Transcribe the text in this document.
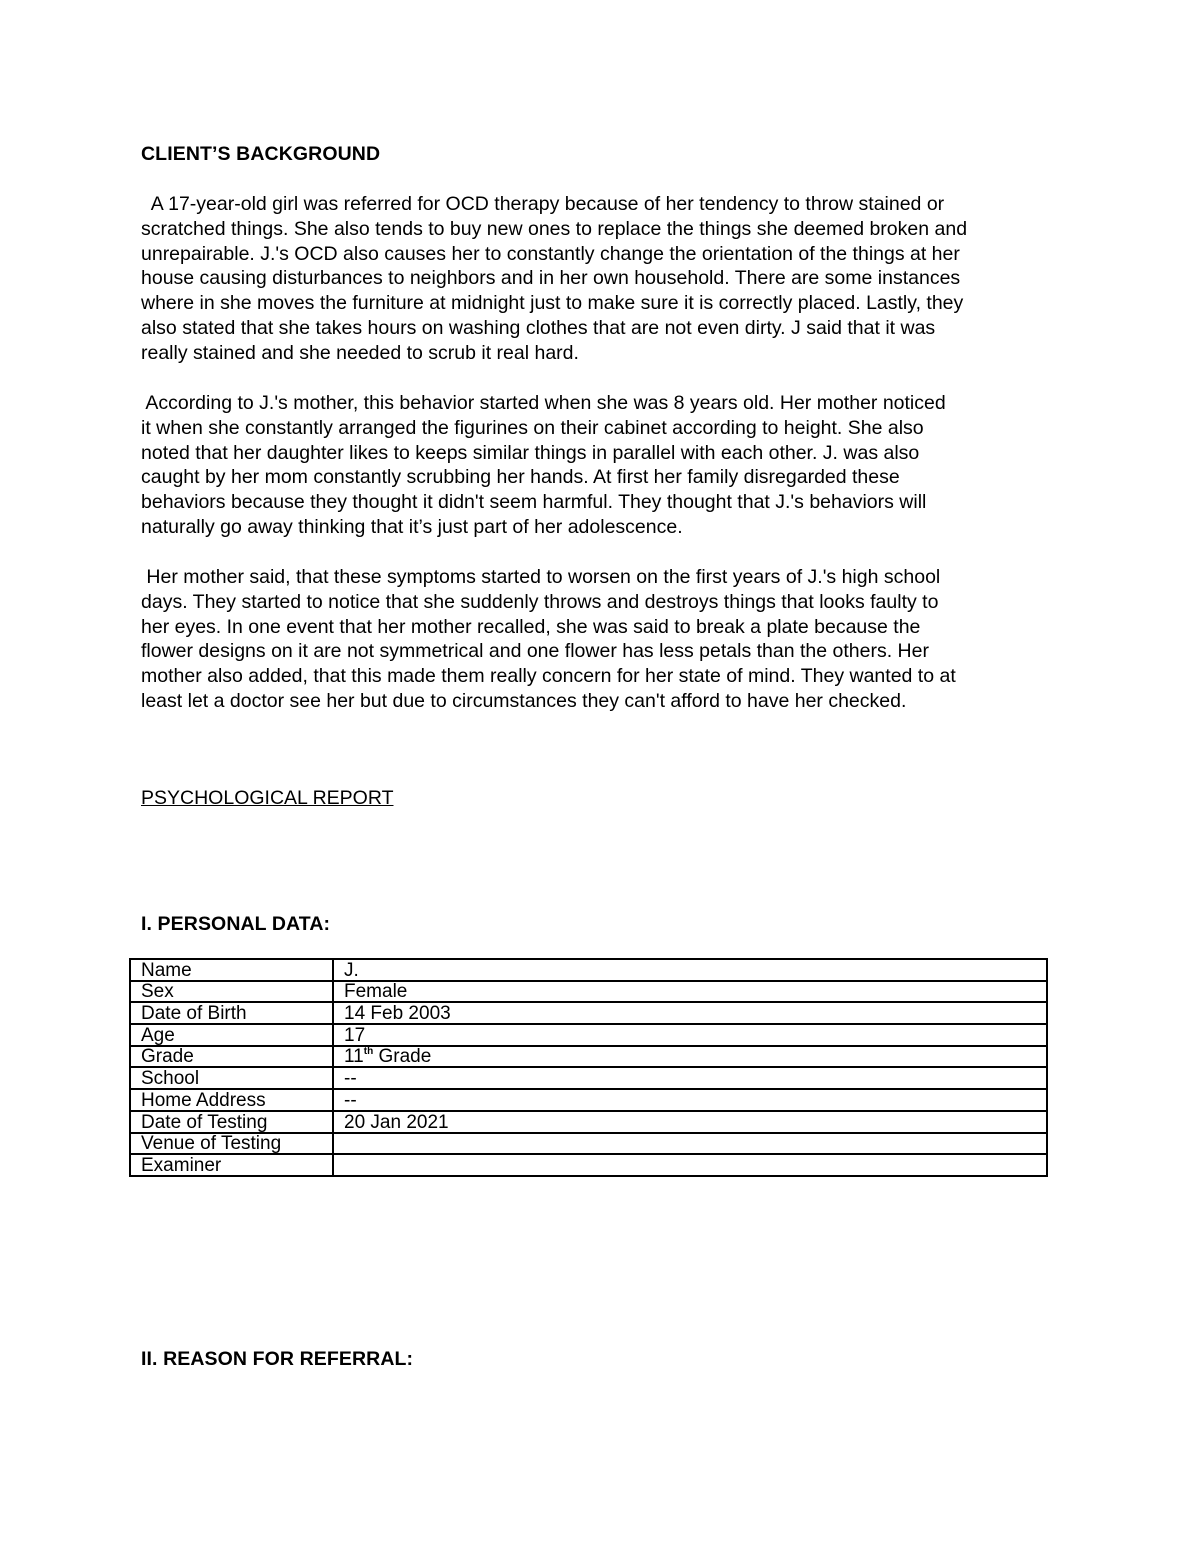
CLIENT’S BACKGROUND
A 17-year-old girl was referred for OCD therapy because of her tendency to throw stained or
scratched things. She also tends to buy new ones to replace the things she deemed broken and
unrepairable. J.'s OCD also causes her to constantly change the orientation of the things at her
house causing disturbances to neighbors and in her own household. There are some instances
where in she moves the furniture at midnight just to make sure it is correctly placed. Lastly, they
also stated that she takes hours on washing clothes that are not even dirty. J said that it was
really stained and she needed to scrub it real hard.
According to J.'s mother, this behavior started when she was 8 years old. Her mother noticed
it when she constantly arranged the figurines on their cabinet according to height. She also
noted that her daughter likes to keeps similar things in parallel with each other. J. was also
caught by her mom constantly scrubbing her hands. At first her family disregarded these
behaviors because they thought it didn't seem harmful. They thought that J.'s behaviors will
naturally go away thinking that it’s just part of her adolescence.
Her mother said, that these symptoms started to worsen on the first years of J.'s high school
days. They started to notice that she suddenly throws and destroys things that looks faulty to
her eyes. In one event that her mother recalled, she was said to break a plate because the
flower designs on it are not symmetrical and one flower has less petals than the others. Her
mother also added, that this made them really concern for her state of mind. They wanted to at
least let a doctor see her but due to circumstances they can't afford to have her checked.
PSYCHOLOGICAL REPORT
I. PERSONAL DATA:
Name	J.
Sex	Female
Date of Birth	14 Feb 2003
Age	17
Grade	11th Grade
School	--
Home Address	--
Date of Testing	20 Jan 2021
Venue of Testing	
Examiner	
II. REASON FOR REFERRAL:
